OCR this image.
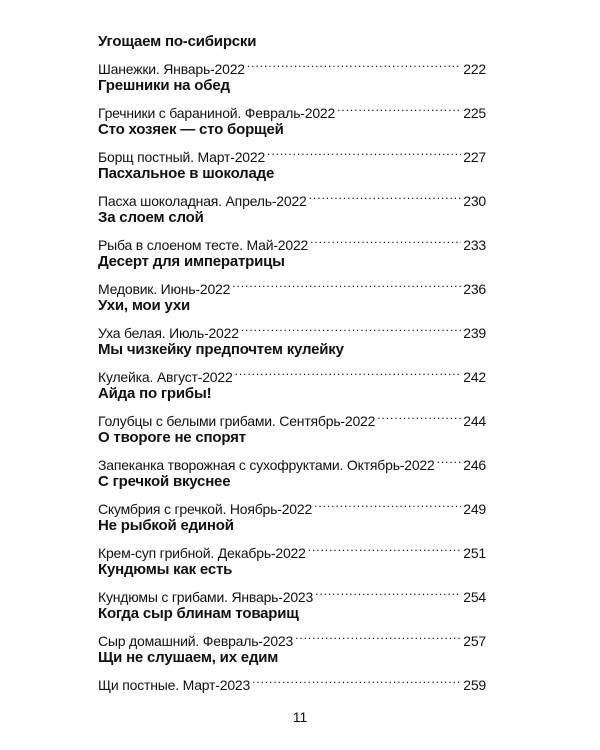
Угощаем по-сибирски
Шанежки. Январь-2022 . . .	222
Грешники на обед
Гречники с бараниной. Февраль-2022 . . .	225
Сто хозяек — сто борщей
Борщ постный. Март-2022 . . .	227
Пасхальное в шоколаде
Пасха шоколадная. Апрель-2022 . . .	230
За слоем слой
Рыба в слоеном тесте. Май-2022 . . .	233
Десерт для императрицы
Медовик. Июнь-2022 . . .	236
Ухи, мои ухи
Уха белая. Июль-2022 . . .	239
Мы чизкейку предпочтем кулейку
Кулейка. Август-2022 . . .	242
Айда по грибы!
Голубцы с белыми грибами. Сентябрь-2022 . . .	244
О твороге не спорят
Запеканка творожная с сухофруктами. Октябрь-2022 . . . 246
С гречкой вкуснее
Скумбрия с гречкой. Ноябрь-2022 . . .	249
Не рыбкой единой
Крем-суп грибной. Декабрь-2022 . . .	251
Кундюмы как есть
Кундюмы с грибами. Январь-2023 . . .	254
Когда сыр блинам товарищ
Сыр домашний. Февраль-2023 . . .	257
Щи не слушаем, их едим
Щи постные. Март-2023 . . .	259
11
